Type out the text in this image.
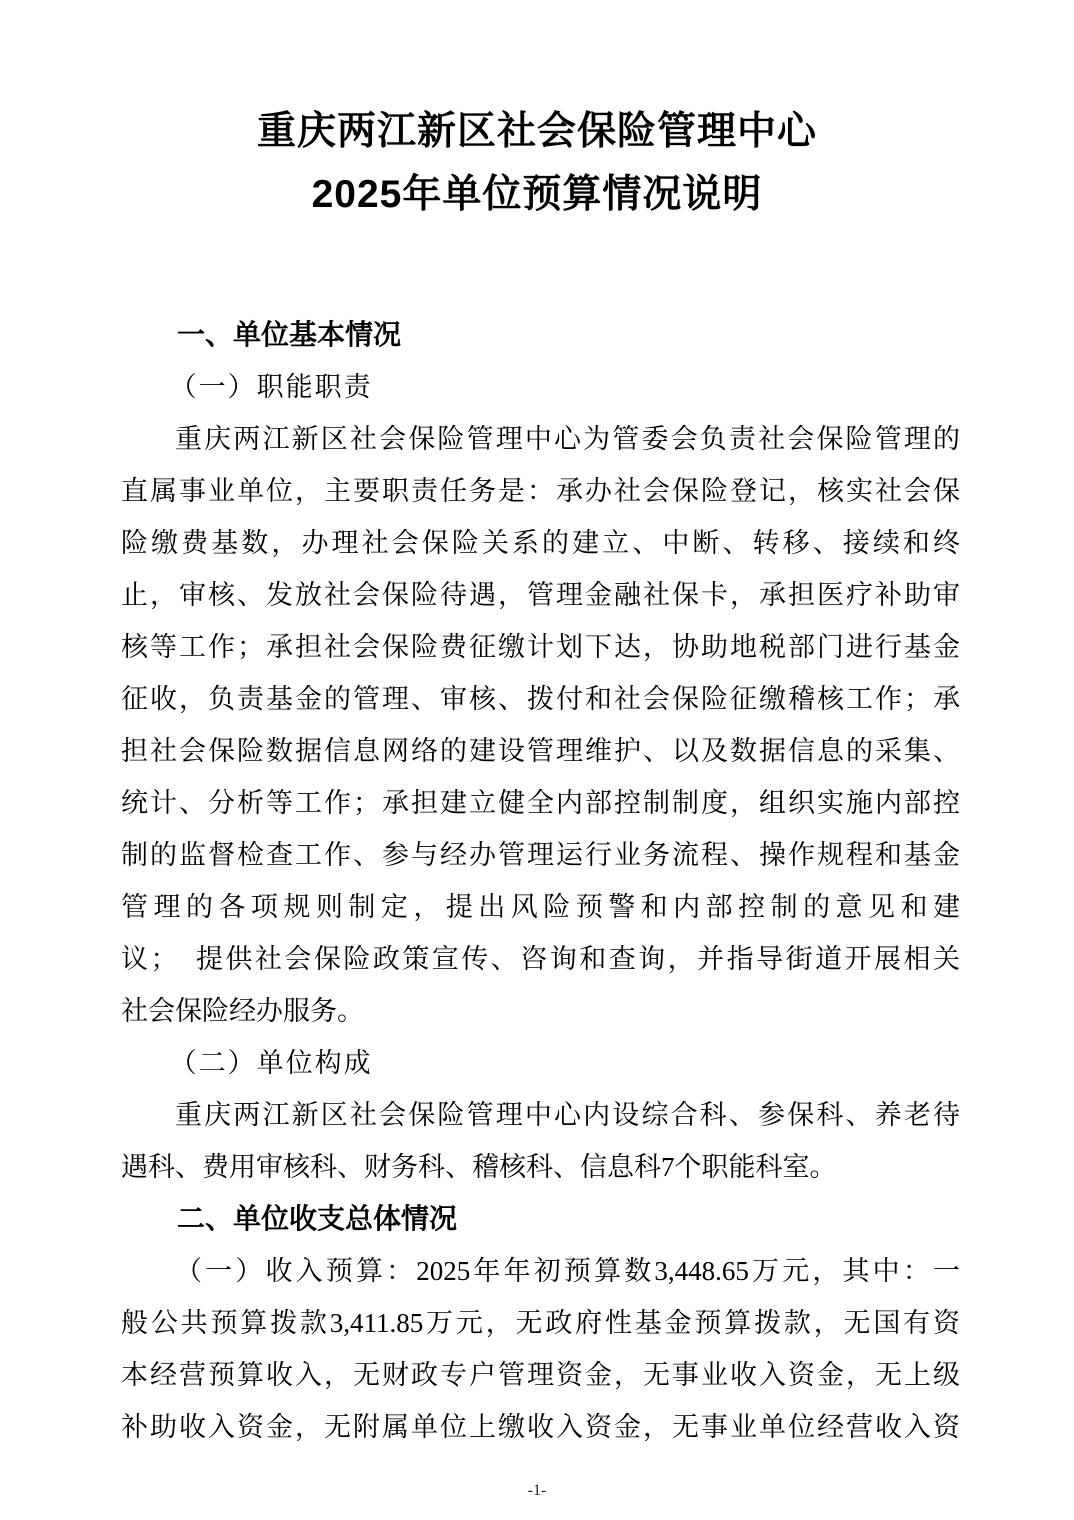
重庆两江新区社会保险管理中心
2025年单位预算情况说明
一、单位基本情况
（一）职能职责
重庆两江新区社会保险管理中心为管委会负责社会保险管理的
直属事业单位，主要职责任务是：承办社会保险登记，核实社会保
险缴费基数，办理社会保险关系的建立、中断、转移、接续和终
止，审核、发放社会保险待遇，管理金融社保卡，承担医疗补助审
核等工作；承担社会保险费征缴计划下达，协助地税部门进行基金
征收，负责基金的管理、审核、拨付和社会保险征缴稽核工作；承
担社会保险数据信息网络的建设管理维护、以及数据信息的采集、
统计、分析等工作；承担建立健全内部控制制度，组织实施内部控
制的监督检查工作、参与经办管理运行业务流程、操作规程和基金
管理的各项规则制定，提出风险预警和内部控制的意见和建
议；　提供社会保险政策宣传、咨询和查询，并指导街道开展相关
社会保险经办服务。
（二）单位构成
重庆两江新区社会保险管理中心内设综合科、参保科、养老待
遇科、费用审核科、财务科、稽核科、信息科7个职能科室。
二、单位收支总体情况
（一）收入预算：2025年年初预算数3,448.65万元，其中：一
般公共预算拨款3,411.85万元，无政府性基金预算拨款，无国有资
本经营预算收入，无财政专户管理资金，无事业收入资金，无上级
补助收入资金，无附属单位上缴收入资金，无事业单位经营收入资
-1-
